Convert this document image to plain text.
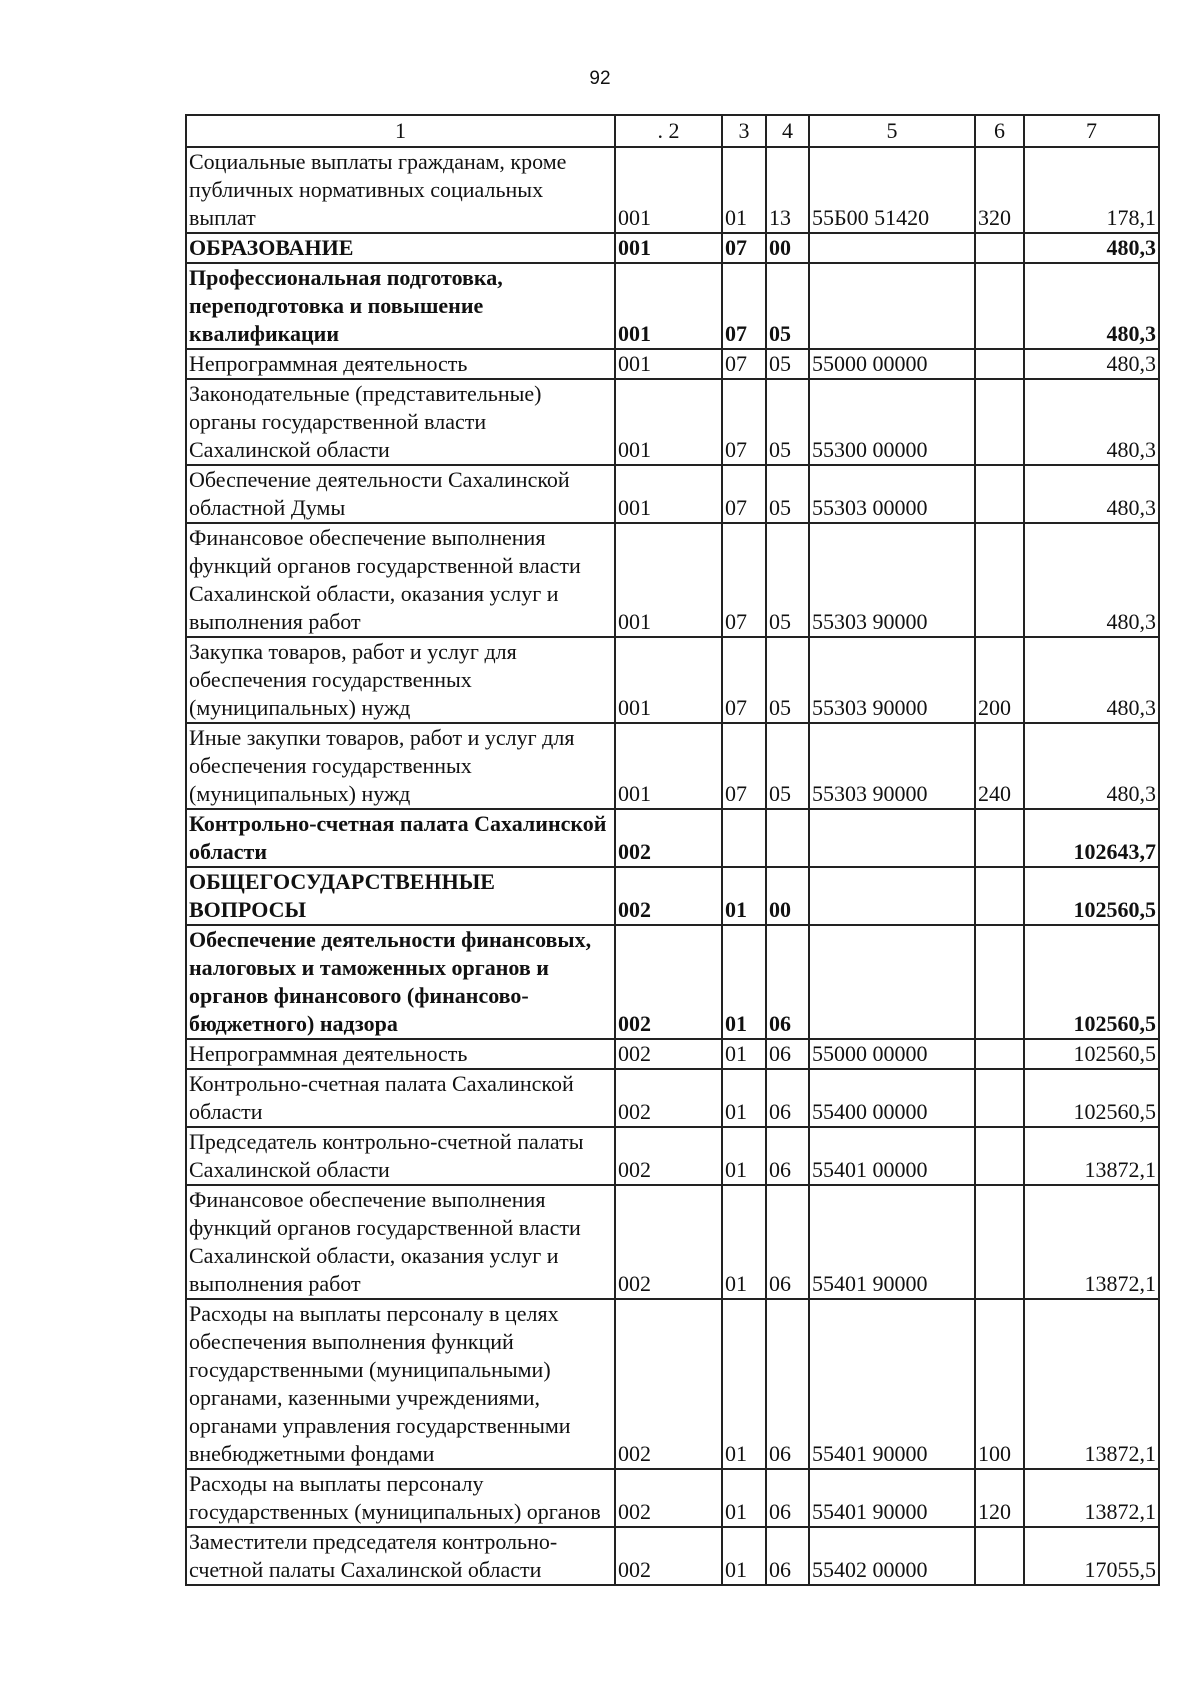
92
1	. 2	3	4	5	6	7
Социальные выплаты гражданам, кроме публичных нормативных социальных выплат	001	01	13	55Б00 51420	320	178,1
ОБРАЗОВАНИЕ	001	07	00			480,3
Профессиональная подготовка, переподготовка и повышение квалификации	001	07	05			480,3
Непрограммная деятельность	001	07	05	55000 00000		480,3
Законодательные (представительные) органы государственной власти Сахалинской области	001	07	05	55300 00000		480,3
Обеспечение деятельности Сахалинской областной Думы	001	07	05	55303 00000		480,3
Финансовое обеспечение выполнения функций органов государственной власти Сахалинской области, оказания услуг и выполнения работ	001	07	05	55303 90000		480,3
Закупка товаров, работ и услуг для обеспечения государственных (муниципальных) нужд	001	07	05	55303 90000	200	480,3
Иные закупки товаров, работ и услуг для обеспечения государственных (муниципальных) нужд	001	07	05	55303 90000	240	480,3
Контрольно-счетная палата Сахалинской области	002					102643,7
ОБЩЕГОСУДАРСТВЕННЫЕ ВОПРОСЫ	002	01	00			102560,5
Обеспечение деятельности финансовых, налоговых и таможенных органов и органов финансового (финансово-бюджетного) надзора	002	01	06			102560,5
Непрограммная деятельность	002	01	06	55000 00000		102560,5
Контрольно-счетная палата Сахалинской области	002	01	06	55400 00000		102560,5
Председатель контрольно-счетной палаты Сахалинской области	002	01	06	55401 00000		13872,1
Финансовое обеспечение выполнения функций органов государственной власти Сахалинской области, оказания услуг и выполнения работ	002	01	06	55401 90000		13872,1
Расходы на выплаты персоналу в целях обеспечения выполнения функций государственными (муниципальными) органами, казенными учреждениями, органами управления государственными внебюджетными фондами	002	01	06	55401 90000	100	13872,1
Расходы на выплаты персоналу государственных (муниципальных) органов	002	01	06	55401 90000	120	13872,1
Заместители председателя контрольно-счетной палаты Сахалинской области	002	01	06	55402 00000		17055,5
